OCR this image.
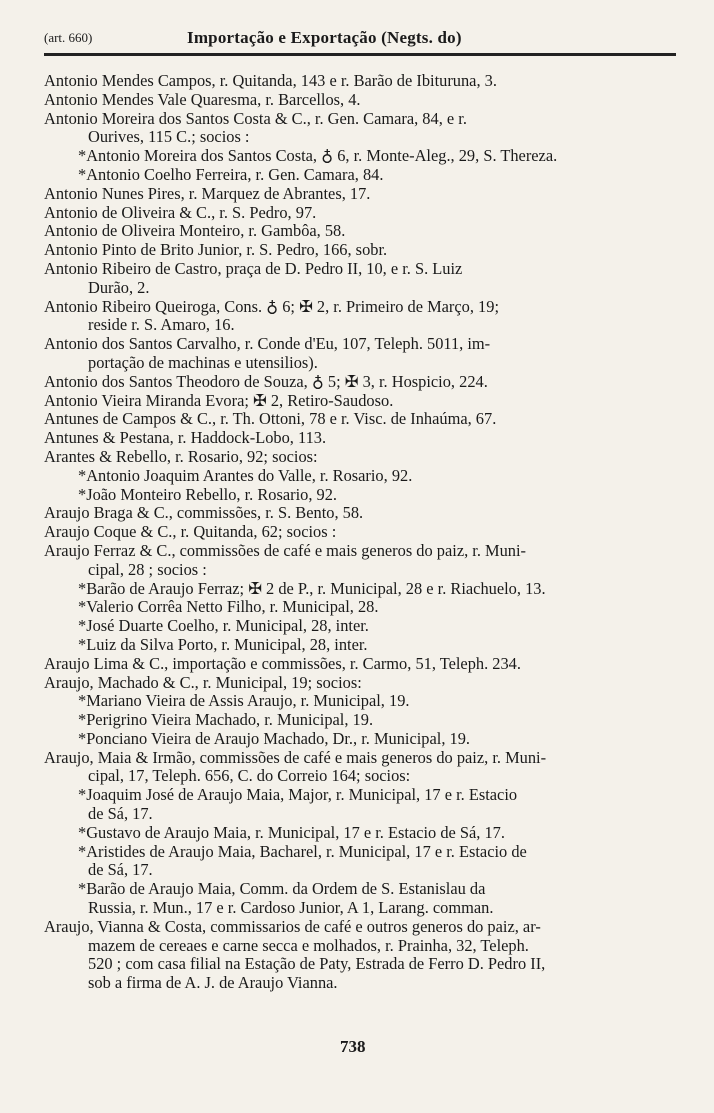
(art. 660)	Importação e Exportação (Negts. do)
Antonio Mendes Campos, r. Quitanda, 143 e r. Barão de Ibituruna, 3.
Antonio Mendes Vale Quaresma, r. Barcellos, 4.
Antonio Moreira dos Santos Costa & C., r. Gen. Camara, 84, e r.
Ourives, 115 C.; socios :
*Antonio Moreira dos Santos Costa, ♁ 6, r. Monte-Aleg., 29, S. Thereza.
*Antonio Coelho Ferreira, r. Gen. Camara, 84.
Antonio Nunes Pires, r. Marquez de Abrantes, 17.
Antonio de Oliveira & C., r. S. Pedro, 97.
Antonio de Oliveira Monteiro, r. Gambôa, 58.
Antonio Pinto de Brito Junior, r. S. Pedro, 166, sobr.
Antonio Ribeiro de Castro, praça de D. Pedro II, 10, e r. S. Luiz
Durão, 2.
Antonio Ribeiro Queiroga, Cons. ♁ 6; ✠ 2, r. Primeiro de Março, 19;
reside r. S. Amaro, 16.
Antonio dos Santos Carvalho, r. Conde d'Eu, 107, Teleph. 5011, im-
portação de machinas e utensilios).
Antonio dos Santos Theodoro de Souza, ♁ 5; ✠ 3, r. Hospicio, 224.
Antonio Vieira Miranda Evora; ✠ 2, Retiro-Saudoso.
Antunes de Campos & C., r. Th. Ottoni, 78 e r. Visc. de Inhaúma, 67.
Antunes & Pestana, r. Haddock-Lobo, 113.
Arantes & Rebello, r. Rosario, 92; socios:
*Antonio Joaquim Arantes do Valle, r. Rosario, 92.
*João Monteiro Rebello, r. Rosario, 92.
Araujo Braga & C., commissões, r. S. Bento, 58.
Araujo Coque & C., r. Quitanda, 62; socios :
Araujo Ferraz & C., commissões de café e mais generos do paiz, r. Muni-
cipal, 28 ; socios :
*Barão de Araujo Ferraz; ✠ 2 de P., r. Municipal, 28 e r. Riachuelo, 13.
*Valerio Corrêa Netto Filho, r. Municipal, 28.
*José Duarte Coelho, r. Municipal, 28, inter.
*Luiz da Silva Porto, r. Municipal, 28, inter.
Araujo Lima & C., importação e commissões, r. Carmo, 51, Teleph. 234.
Araujo, Machado & C., r. Municipal, 19; socios:
*Mariano Vieira de Assis Araujo, r. Municipal, 19.
*Perigrino Vieira Machado, r. Municipal, 19.
*Ponciano Vieira de Araujo Machado, Dr., r. Municipal, 19.
Araujo, Maia & Irmão, commissões de café e mais generos do paiz, r. Muni-
cipal, 17, Teleph. 656, C. do Correio 164; socios:
*Joaquim José de Araujo Maia, Major, r. Municipal, 17 e r. Estacio
de Sá, 17.
*Gustavo de Araujo Maia, r. Municipal, 17 e r. Estacio de Sá, 17.
*Aristides de Araujo Maia, Bacharel, r. Municipal, 17 e r. Estacio de
de Sá, 17.
*Barão de Araujo Maia, Comm. da Ordem de S. Estanislau da
Russia, r. Mun., 17 e r. Cardoso Junior, A 1, Larang. comman.
Araujo, Vianna & Costa, commissarios de café e outros generos do paiz, ar-
mazem de cereaes e carne secca e molhados, r. Prainha, 32, Teleph.
520 ; com casa filial na Estação de Paty, Estrada de Ferro D. Pedro II,
sob a firma de A. J. de Araujo Vianna.
738
